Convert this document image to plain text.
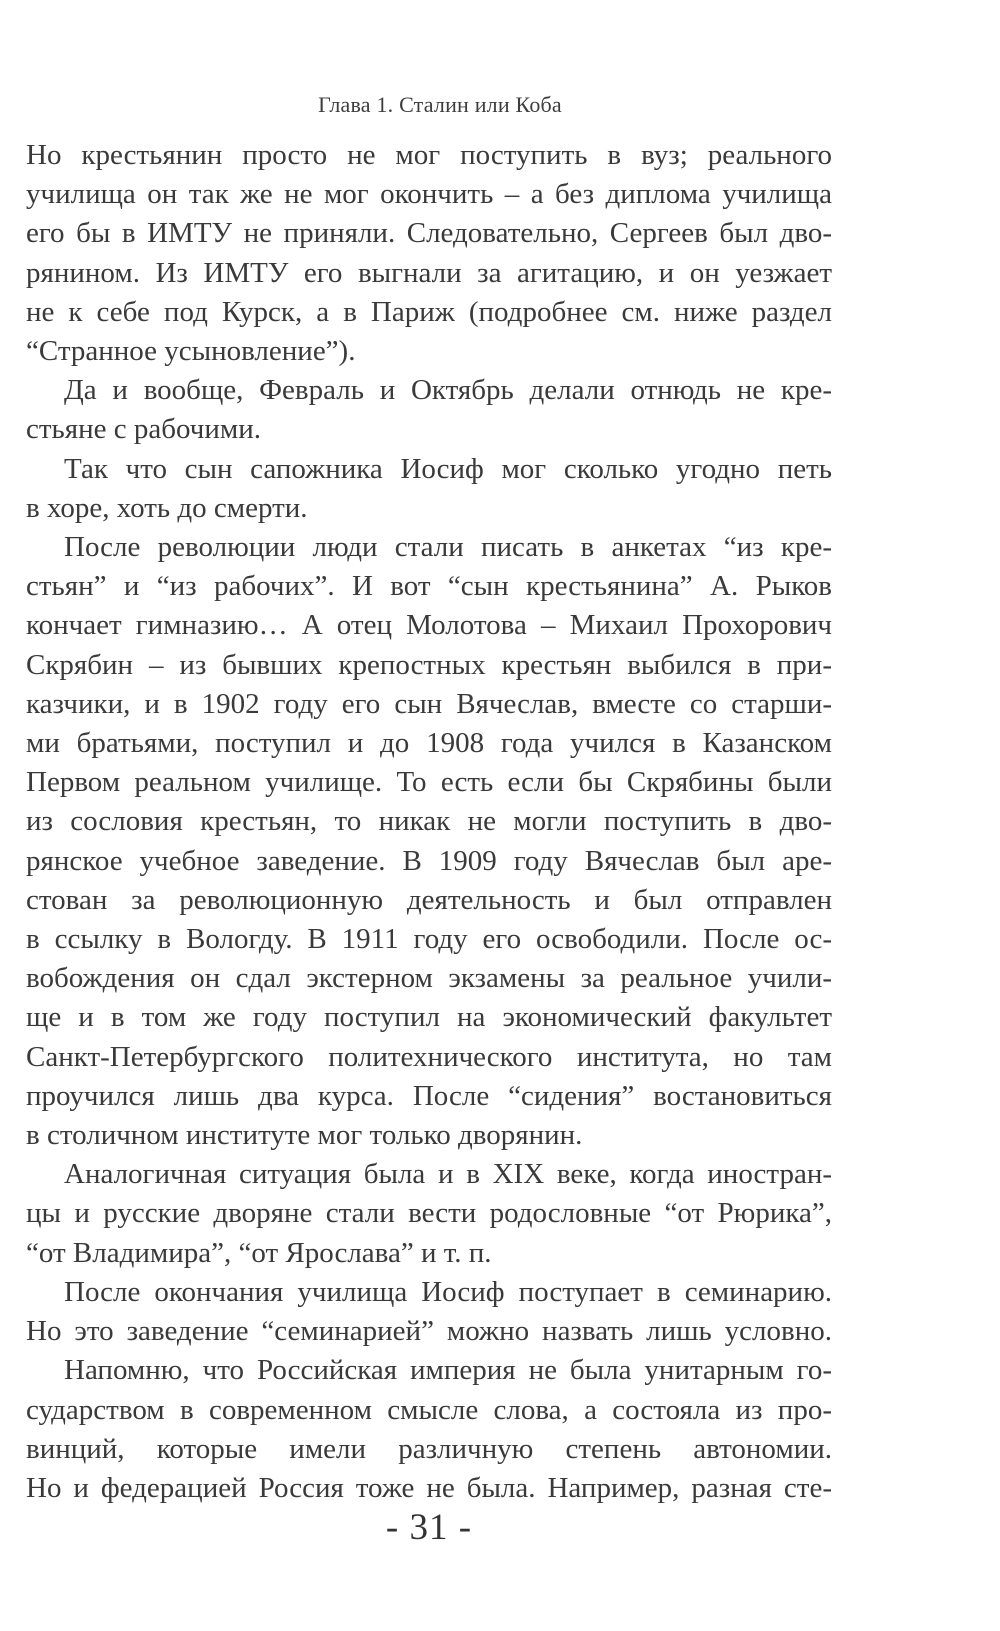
Глава 1. Сталин или Коба

Но крестьянин просто не мог поступить в вуз; реального
училища он так же не мог окончить – а без диплома училища
его бы в ИМТУ не приняли. Следовательно, Сергеев был дво-
рянином. Из ИМТУ его выгнали за агитацию, и он уезжает
не к себе под Курск, а в Париж (подробнее см. ниже раздел
“Странное усыновление”).

Да и вообще, Февраль и Октябрь делали отнюдь не кре-
стьяне с рабочими.

Так что сын сапожника Иосиф мог сколько угодно петь
в хоре, хоть до смерти.

После революции люди стали писать в анкетах “из кре-
стьян” и “из рабочих”. И вот “сын крестьянина” А. Рыков
кончает гимназию… А отец Молотова – Михаил Прохорович
Скрябин – из бывших крепостных крестьян выбился в при-
казчики, и в 1902 году его сын Вячеслав, вместе со старши-
ми братьями, поступил и до 1908 года учился в Казанском
Первом реальном училище. То есть если бы Скрябины были
из сословия крестьян, то никак не могли поступить в дво-
рянское учебное заведение. В 1909 году Вячеслав был аре-
стован за революционную деятельность и был отправлен
в ссылку в Вологду. В 1911 году его освободили. После ос-
вобождения он сдал экстерном экзамены за реальное учили-
ще и в том же году поступил на экономический факультет
Санкт-Петербургского политехнического института, но там
проучился лишь два курса. После “сидения” востановиться
в столичном институте мог только дворянин.

Аналогичная ситуация была и в XIX веке, когда иностран-
цы и русские дворяне стали вести родословные “от Рюрика”,
“от Владимира”, “от Ярослава” и т. п.

После окончания училища Иосиф поступает в семинарию.
Но это заведение “семинарией” можно назвать лишь условно.

Напомню, что Российская империя не была унитарным го-
сударством в современном смысле слова, а состояла из про-
винций, которые имели различную степень автономии.
Но и федерацией Россия тоже не была. Например, разная сте-

- 31 -
